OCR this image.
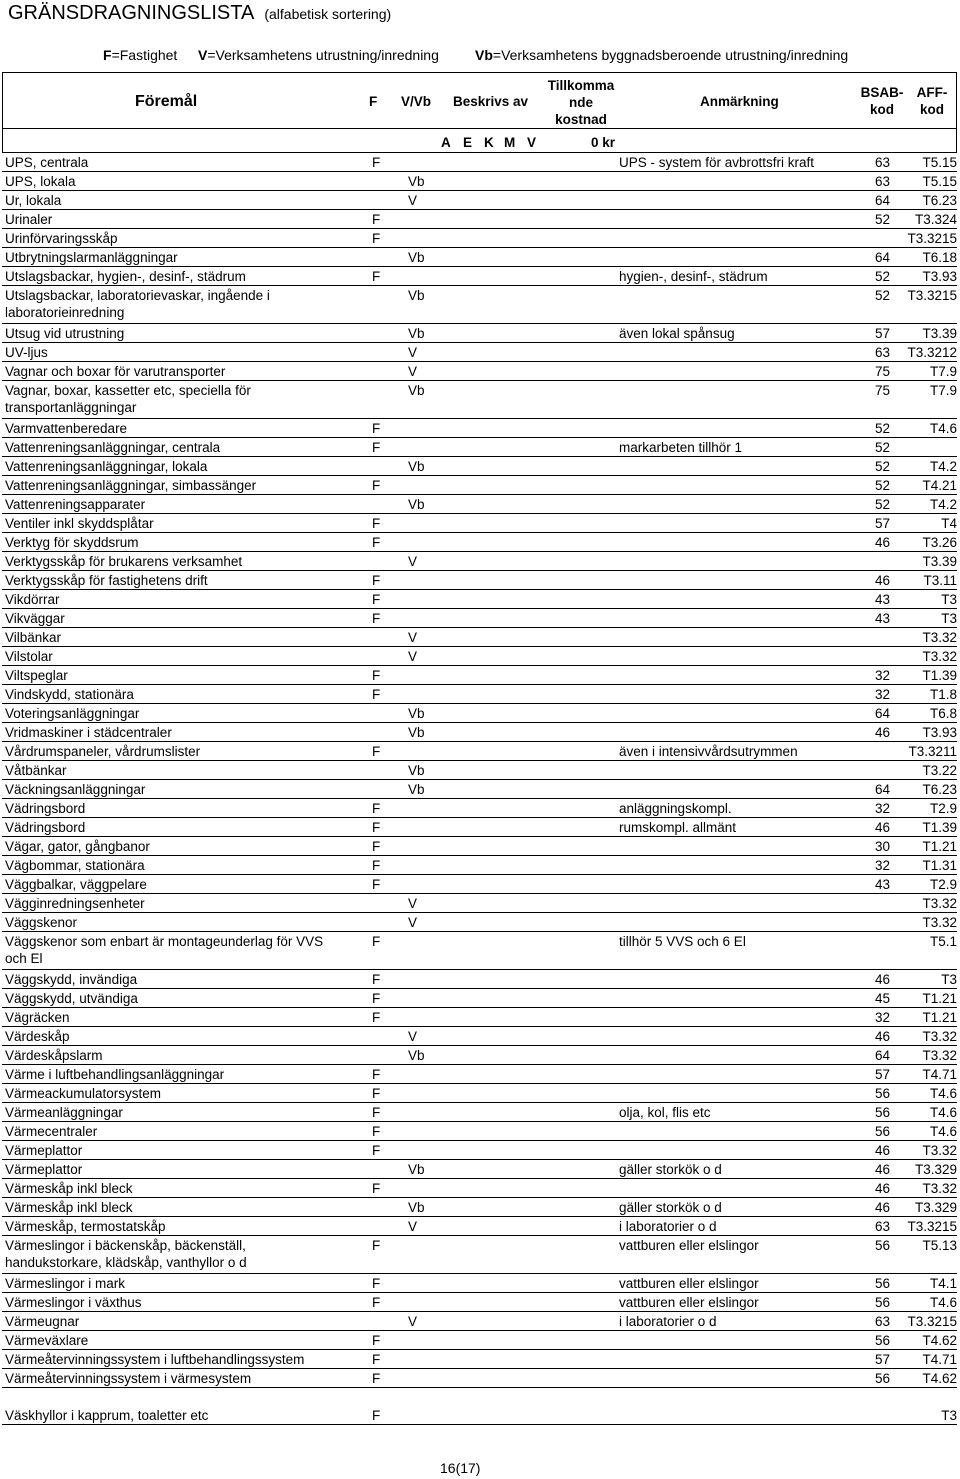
GRÄNSDRAGNINGSLISTA (alfabetisk sortering)
F=Fastighet V=Verksamhetens utrustning/inredning	Vb=Verksamhetens byggnadsberoende utrustning/inredning
Föremål	F V/Vb Beskrivs av
Tillkomma nde kostnad
Anmärkning
BSAB- kod
AFF- kod
A E K M V	0 kr
UPS, centrala	F	UPS - system för avbrottsfri kraft	63	T5.15
UPS, lokala	Vb	63	T5.15
Ur, lokala	V	64	T6.23
Urinaler	F	52	T3.324
Urinförvaringsskåp	F	T3.3215
Utbrytningslarmanläggningar	Vb	64	T6.18
Utslagsbackar, hygien-, desinf-, städrum	F	hygien-, desinf-, städrum	52	T3.93
Utslagsbackar, laboratorievaskar, ingående i laboratorieinredning
Vb	52 T3.3215
Utsug vid utrustning	Vb	även lokal spånsug	57	T3.39
UV-ljus	V	63 T3.3212
Vagnar och boxar för varutransporter	V	75	T7.9
Vagnar, boxar, kassetter etc, speciella för transportanläggningar
Vb	75	T7.9
Varmvattenberedare	F	52	T4.6
Vattenreningsanläggningar, centrala	F	markarbeten tillhör 1	52
Vattenreningsanläggningar, lokala	Vb	52	T4.2
Vattenreningsanläggningar, simbassänger	F	52	T4.21
Vattenreningsapparater	Vb	52	T4.2
Ventiler inkl skyddsplåtar	F	57	T4
Verktyg för skyddsrum	F	46	T3.26
Verktygsskåp för brukarens verksamhet	V	T3.39
Verktygsskåp för fastighetens drift	F	46	T3.11
Vikdörrar	F	43	T3
Vikväggar	F	43	T3
Vilbänkar	V	T3.32
Vilstolar	V	T3.32
Viltspeglar	F	32	T1.39
Vindskydd, stationära	F	32	T1.8
Voteringsanläggningar	Vb	64	T6.8
Vridmaskiner i städcentraler	Vb	46	T3.93
Vårdrumspaneler, vårdrumslister	F	även i intensivvårdsutrymmen	T3.3211
Våtbänkar	Vb	T3.22
Väckningsanläggningar	Vb	64	T6.23
Vädringsbord	F	anläggningskompl.	32	T2.9
Vädringsbord	F	rumskompl. allmänt	46	T1.39
Vägar, gator, gångbanor	F	30	T1.21
Vägbommar, stationära	F	32	T1.31
Väggbalkar, väggpelare	F	43	T2.9
Vägginredningsenheter	V	T3.32
Väggskenor	V	T3.32
Väggskenor som enbart är montageunderlag för VVS och El
F	tillhör 5 VVS och 6 El	T5.1
Väggskydd, invändiga	F	46	T3
Väggskydd, utvändiga	F	45	T1.21
Vägräcken	F	32	T1.21
Värdeskåp	V	46	T3.32
Värdeskåpslarm	Vb	64	T3.32
Värme i luftbehandlingsanläggningar	F	57	T4.71
Värmeackumulatorsystem	F	56	T4.6
Värmeanläggningar	F	olja, kol, flis etc	56	T4.6
Värmecentraler	F	56	T4.6
Värmeplattor	F	46	T3.32
Värmeplattor	Vb	gäller storkök o d	46	T3.329
Värmeskåp inkl bleck	F	46	T3.32
Värmeskåp inkl bleck	Vb	gäller storkök o d	46	T3.329
Värmeskåp, termostatskåp	V	i laboratorier o d	63 T3.3215
Värmeslingor i bäckenskåp, bäckenställ, handukstorkare, klädskåp, vanthyllor o d
F	vattburen eller elslingor	56	T5.13
Värmeslingor i mark	F	vattburen eller elslingor	56	T4.1
Värmeslingor i växthus	F	vattburen eller elslingor	56	T4.6
Värmeugnar	V	i laboratorier o d	63 T3.3215
Värmeväxlare	F	56	T4.62
Värmeåtervinningssystem i luftbehandlingssystem	F	57	T4.71
Värmeåtervinningssystem i värmesystem	F	56	T4.62
Väskhyllor i kapprum, toaletter etc	F	T3
16(17)
